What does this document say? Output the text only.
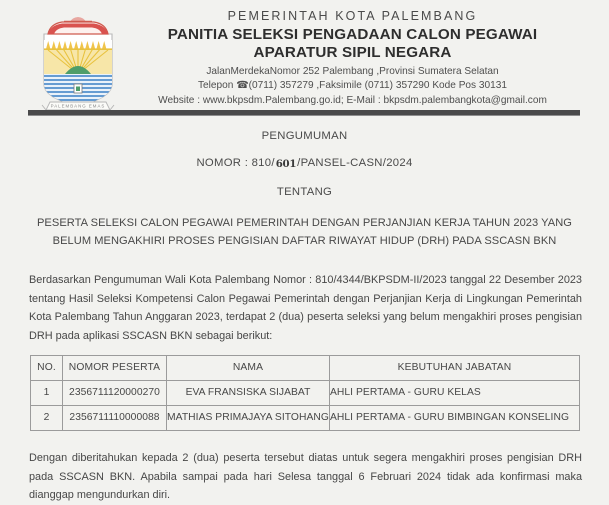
PALEMBANG EMAS
PEMERINTAH KOTA PALEMBANG
PANITIA SELEKSI PENGADAAN CALON PEGAWAI
APARATUR SIPIL NEGARA
JalanMerdekaNomor 252 Palembang ,Provinsi Sumatera Selatan
Telepon ☎(0711) 357279 ,Faksimile (0711) 357290 Kode Pos 30131
Website : www.bkpsdm.Palembang.go.id; E-Mail : bkpsdm.palembangkota@gmail.com
PENGUMUMAN
NOMOR : 810/601/PANSEL-CASN/2024
TENTANG
PESERTA SELEKSI CALON PEGAWAI PEMERINTAH DENGAN PERJANJIAN KERJA TAHUN 2023 YANG
BELUM MENGAKHIRI PROSES PENGISIAN DAFTAR RIWAYAT HIDUP (DRH) PADA SSCASN BKN
Berdasarkan Pengumuman Wali Kota Palembang Nomor : 810/4344/BKPSDM-II/2023 tanggal 22 Desember 2023 tentang Hasil Seleksi Kompetensi Calon Pegawai Pemerintah dengan Perjanjian Kerja di Lingkungan Pemerintah Kota Palembang Tahun Anggaran 2023, terdapat 2 (dua) peserta seleksi yang belum mengakhiri proses pengisian DRH pada aplikasi SSCASN BKN sebagai berikut:
NO.	NOMOR PESERTA	NAMA	KEBUTUHAN JABATAN
1	2356711120000270	EVA FRANSISKA SIJABAT	AHLI PERTAMA - GURU KELAS
2	2356711110000088	MATHIAS PRIMAJAYA SITOHANG	AHLI PERTAMA - GURU BIMBINGAN KONSELING
Dengan diberitahukan kepada 2 (dua) peserta tersebut diatas untuk segera mengakhiri proses pengisian DRH pada SSCASN BKN. Apabila sampai pada hari Selesa tanggal 6 Februari 2024 tidak ada konfirmasi maka dianggap mengundurkan diri.
